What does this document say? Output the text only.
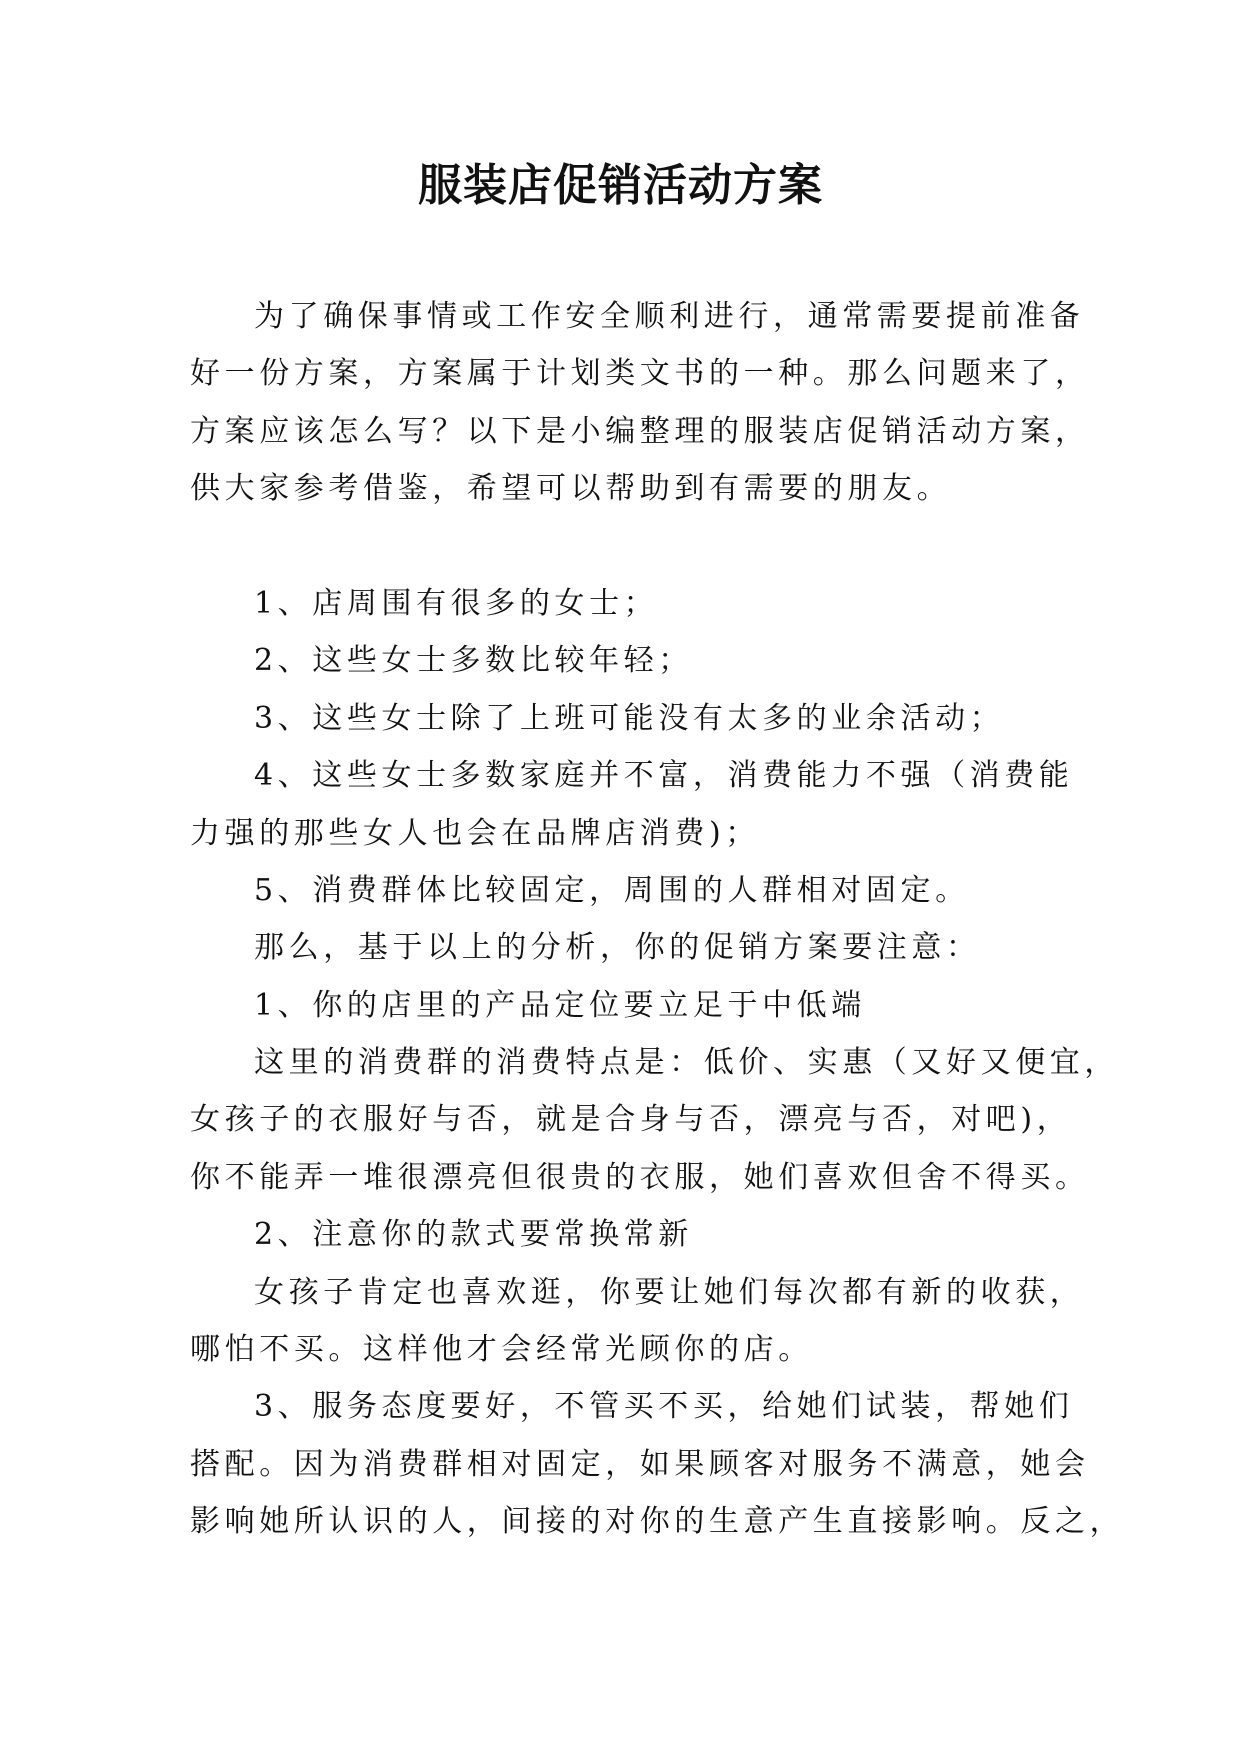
服装店促销活动方案
为了确保事情或工作安全顺利进行，通常需要提前准备
好一份方案，方案属于计划类文书的一种。那么问题来了，
方案应该怎么写？以下是小编整理的服装店促销活动方案，
供大家参考借鉴，希望可以帮助到有需要的朋友。
1、店周围有很多的女士；
2、这些女士多数比较年轻；
3、这些女士除了上班可能没有太多的业余活动；
4、这些女士多数家庭并不富，消费能力不强（消费能
力强的那些女人也会在品牌店消费)；
5、消费群体比较固定，周围的人群相对固定。
那么，基于以上的分析，你的促销方案要注意：
1、你的店里的产品定位要立足于中低端
这里的消费群的消费特点是：低价、实惠（又好又便宜，
女孩子的衣服好与否，就是合身与否，漂亮与否，对吧)，
你不能弄一堆很漂亮但很贵的衣服，她们喜欢但舍不得买。
2、注意你的款式要常换常新
女孩子肯定也喜欢逛，你要让她们每次都有新的收获，
哪怕不买。这样他才会经常光顾你的店。
3、服务态度要好，不管买不买，给她们试装，帮她们
搭配。因为消费群相对固定，如果顾客对服务不满意，她会
影响她所认识的人，间接的对你的生意产生直接影响。反之，
